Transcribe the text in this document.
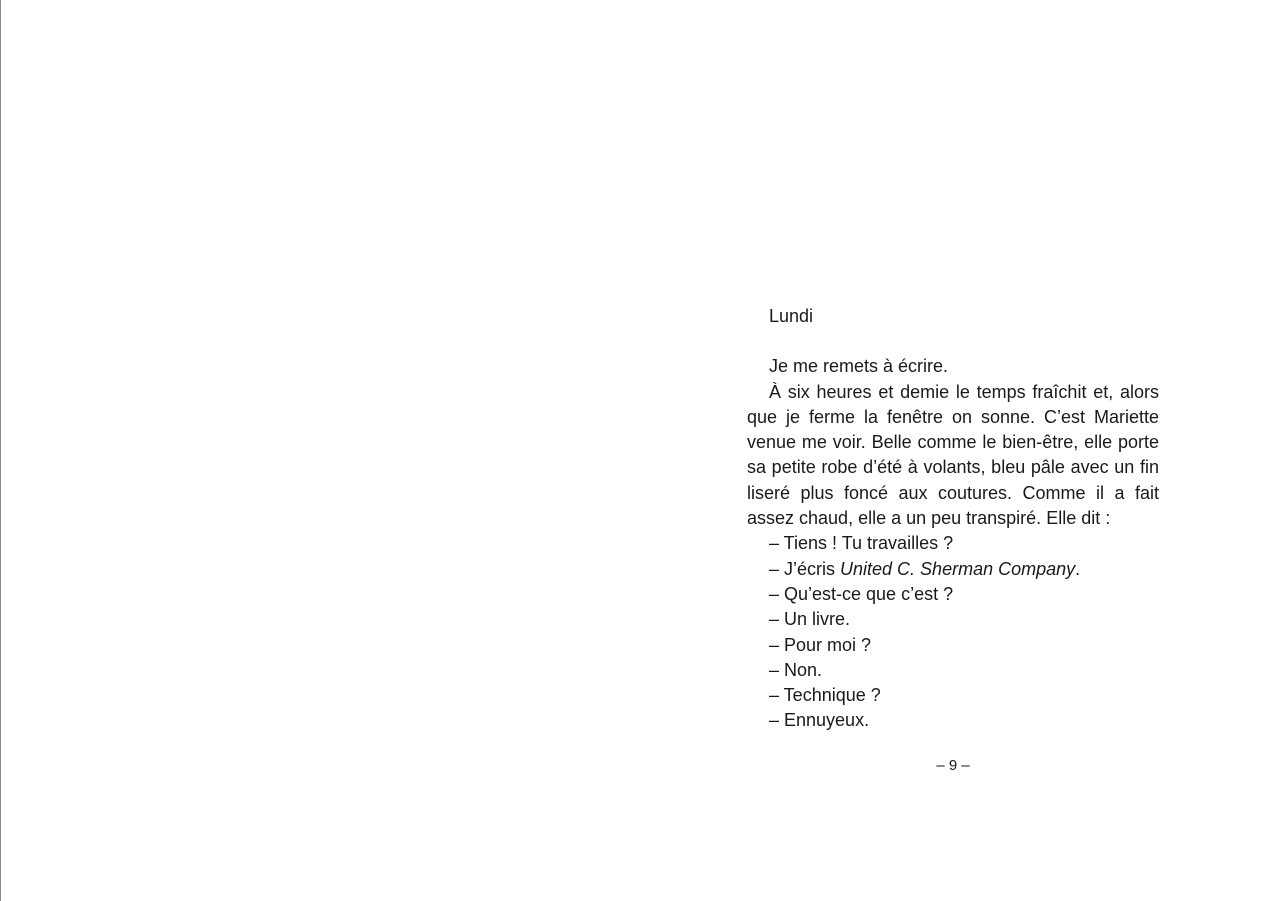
Lundi

Je me remets à écrire.

À six heures et demie le temps fraîchit et, alors que je ferme la fenêtre on sonne. C’est Mariette venue me voir. Belle comme le bien-être, elle porte sa petite robe d’été à volants, bleu pâle avec un fin liseré plus foncé aux coutures. Comme il a fait assez chaud, elle a un peu transpiré. Elle dit :

– Tiens ! Tu travailles ?

– J’écris United C. Sherman Company.

– Qu’est-ce que c’est ?

– Un livre.

– Pour moi ?

– Non.

– Technique ?

– Ennuyeux.

– 9 –
